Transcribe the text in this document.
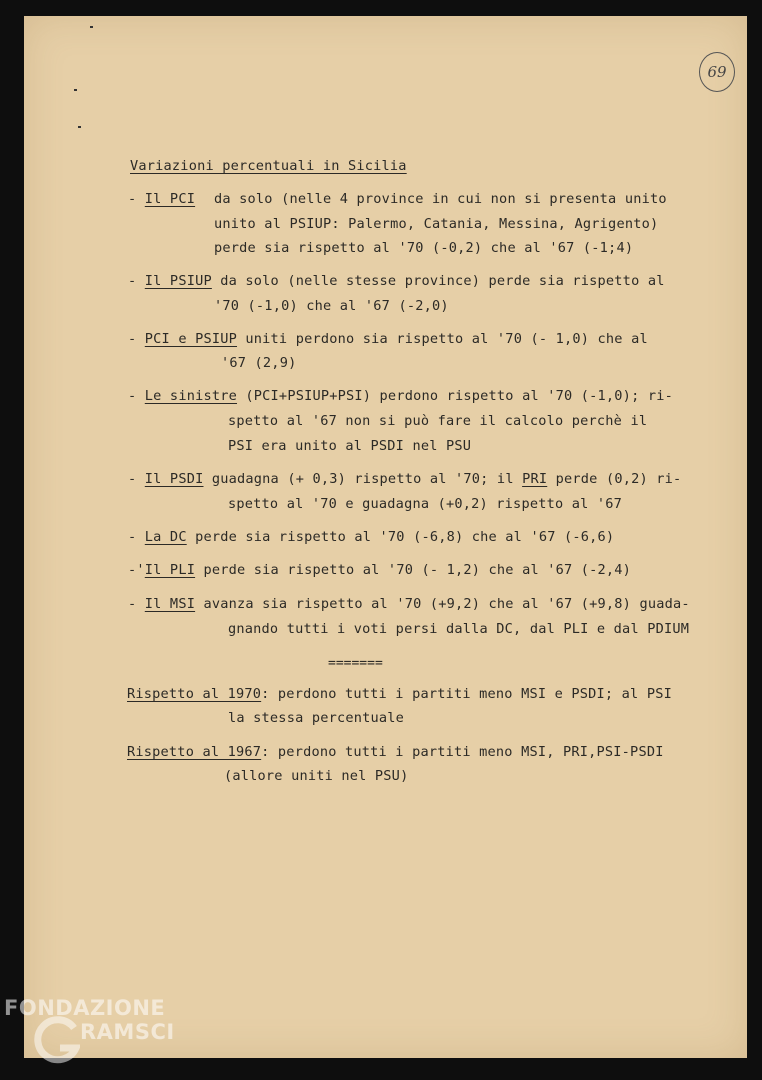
69
Variazioni percentuali in Sicilia
- Il PCI da solo (nelle 4 province in cui non si presenta unito
unito al PSIUP: Palermo, Catania, Messina, Agrigento)
perde sia rispetto al '70 (-0,2) che al '67 (-1;4)
- Il PSIUP da solo (nelle stesse province) perde sia rispetto al
'70 (-1,0) che al '67 (-2,0)
- PCI e PSIUP uniti perdono sia rispetto al '70 (- 1,0) che al
'67 (2,9)
- Le sinistre (PCI+PSIUP+PSI) perdono rispetto al '70 (-1,0); ri-
spetto al '67 non si può fare il calcolo perchè il
PSI era unito al PSDI nel PSU
- Il PSDI guadagna (+ 0,3) rispetto al '70; il PRI perde (0,2) ri-
spetto al '70 e guadagna (+0,2) rispetto al '67
- La DC perde sia rispetto al '70 (-6,8) che al '67 (-6,6)
-'Il PLI perde sia rispetto al '70 (- 1,2) che al '67 (-2,4)
- Il MSI avanza sia rispetto al '70 (+9,2) che al '67 (+9,8) guada-
gnando tutti i voti persi dalla DC, dal PLI e dal PDIUM
=======
Rispetto al 1970: perdono tutti i partiti meno MSI e PSDI; al PSI
la stessa percentuale
Rispetto al 1967: perdono tutti i partiti meno MSI, PRI,PSI-PSDI
(allore uniti nel PSU)
FONDAZIONE
RAMSCI
